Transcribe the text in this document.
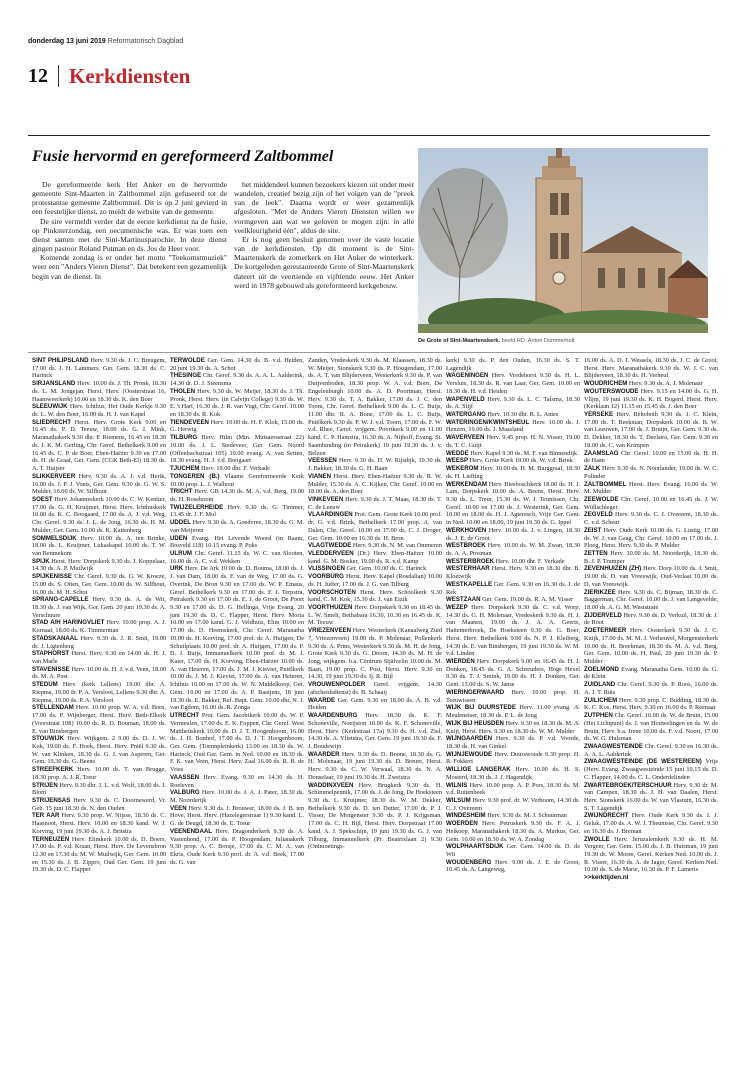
donderdag 13 juni 2019 Reformatorisch Dagblad
12	Kerkdiensten
Fusie hervormd en gereformeerd Zaltbommel

De gereformeerde kerk Het Anker en de hervormde gemeente Sint-Maarten in Zaltbommel zijn gefuseerd tot de protestantse gemeente Zaltbommel. Dit is op 2 juni gevierd in een feestelijke dienst, zo meldt de website van de gemeente.

De sire vermeldt verder dat de eerste kerkdienst na de fusie, op Pinksterzondag, een oecumenische was. Er was toen een dienst samen met de Sint-Martinusparochie. In deze dienst gingen pastoor Roland Putman en ds. Jos de Heer voor.

Komende zondag is er onder het motto "Toekomstmuziek" weer een "Anders Vieren Dienst". Dat betekent een gezamenlijk begin van de dienst. In

het middendeel kunnen bezoekers kiezen uit onder meer wandelen, creatief bezig zijn of het volgen van de "preek van de leek". Daarna wordt er weer gezamenlijk afgesloten. "Met de Anders Vieren Diensten willen we vormgeven aan wat we geloven te mogen zijn: in alle veelkleurigheid één", aldus de site.

Er is nog geen besluit genomen over de vaste locatie van de kerkdiensten. Op dit moment is de Sint-Maartenskerk de zomerkerk en Het Anker de winterkerk. De kortgeleden gerestaureerde Grote of Sint-Maartenskerk dateert uit de veertiende en vijftiende eeuw. Het Anker werd in 1978 gebouwd als gereformeerd kerkgebouw.

De Grote of Sint-Maartenskerk. beeld RD, Anton Dommerholt

SINT PHILIPSLAND Herv. 9.30 ds. J. C. Breugem, 17.00 ds. J. H. Lammers. Ger. Gem. 18.30 ds. C. Harinck

SIRJANSLAND Herv. 10.00 ds. J. Th. Pronk, 18.30 ds. L. M. Jongejan, Herst. Herv. (Oosterstraat 16, Haamweerkerk) 10.00 en 18.30 ds. K. den Boer

SLEEUWIJK Herv. Ichthus, Het Oude Kerkje 9.30 ds. L. W. den Boer, 16.00 ds. H. J. van Kapel

SLIEDRECHT Herst. Herv. Grote Kerk 9.00 en 16.45 ds. P. D. Teeuw, 18.00 ds. G. J. Mink, Maranathakerk 9.30 dhr. P. Riemens, 16.45 en 18.30 ds. J. K. M. Gerling, Chr. Geref. Bethelkerk 9.00 en 16.45 ds. C. P. de Boer, Eben-Haëzer 9.30 en 17.00 ds. H. de Graaf, Ger. Gem. (CGK Beth-El) 18.30 ds. A. T. Huijser

SLIKKERVEER Herv. 9.30 ds. A. J. v.d. Herik, 16.00 ds. J. P. J. Voets, Ger. Gem. 9.30 ds. G. W. S. Mulder, 16.00 ds. W. Silfhout

SOEST Herv. Johanneskerk 10.00 ds. C. W. Kentier, 17.00 ds. G. H. Kruijmer, Herst. Herv. Ichthuskerk 10.00 ds. K. C. Boogaard, 17.00 ds. A. J. v.d. Weg, Chr. Geref. 9.30 ds. J. L. de Jong, 16.30 ds. H. M. Mulder, Ger. Gem. 16.00 ds. K. Kattenberg

SOMMELSDIJK Herv. 10.00 ds. A. ten Brinke, 18.00 ds. L. Kruijmer, Lukaskapel 10.00 ds. T. W. van Benmekom

SPIJK Herst. Herv. Dorpskerk 9.30 ds. J. Koppelaar, 14.30 ds. A. P. Muilwijk

SPIJKENISSE Chr. Geref. 9.30 ds. G. W. Kroeze, 15.00 ds. S. Otten, Ger. Gem. 10.00 ds. W. Silfhout, 16.00 ds. M. H. Schot

SPRANG-CAPELLE Herv. 9.30 ds. A. de Wit, 18.30 ds. J. van Wijk, Ger. Gem. 20 juni 19.30 ds. A. Verschuure

STAD A/H HARINGVLIET Herv. 10.00 prop. A. J. Kornaat, 18.00 ds. K. Timmerman

STADSKANAAL Herv. 9.30 ds. J. R. Smit, 19.00 ds. J. Ligtenberg

STAPHORST Herst. Herv. 9.30 en 14.00 ds. H. J. van Marle

STAVENISSE Herv. 10.00 ds. H. J. v.d. Veen, 18.00 ds. M. A. Post

STEDUM Herv. (kerk Lellens) 19.00 dhr. A. Riepma, 19.00 dr. P. A. Versloot, Lellens 9.30 dhr. A. Riepma, 19.00 ds. P. A. Versloot

STELLENDAM Herv. 10.00 prop. W. A. v.d. Born, 17.00 ds. P. Wijnberger, Herst. Herv. Beth-Elkerk (Voorstraat 108) 10.00 ds. R. D. Bouman, 18.00 ds. E. van Binsbergen

STOUWIJK Herv. Wijkgem. 2 9.00 ds. D. J. W. Kok, 19.00 ds. F. Hoek, Herst. Herv. Pniël 9.30 ds. W. van Klinken, 18.30 ds. G. J. van Asperen, Ger. Gem. 19.30 ds. G. Beens

STREEFKERK Herv. 10.00 ds. T. van Brugge, 18.30 prop. A. J. R. Treur

STRIJEN Herv. 9.30 dhr. J. L. v.d. Wolf, 18.00 ds. J. Blom

STRIJENSAS Herv. 9.30 ds. C. Doornewerd, Vr. Geb. 15 juni 18.30 ds. N. den Ouden

TER AAR Herv. 9.30 prop. W. Nijsse, 18.30 ds. C. Haasnoot, Herst. Herv. 10.00 en 18.30 kand. W. J. Korving, 19 juni 19.30 ds. A. J. Britstra

TERNEUZEN Herv. Elimkerk 10.00 ds. D. Boers, 17.00 ds. P. v.d. Kraan, Herst. Herv. De Levensbron 12.30 en 17.30 ds. M. W. Muilwijk, Ger. Gem. 10.00 en 15.30 ds. J. B. Zippro, Oud Ger. Gem. 19 juni 19.30 ds. D. C. Flapper

TERWOLDE Ger. Gem. 14.30 ds. B. v.d. Heiden, 20 juni 19.30 ds. A. Schot

THESINGE Chr. Geref. 9.30 ds. A. A. L. Aalderink, 14.30 dr. D. J. Steensma

THOLEN Herv. 9.30 ds. W. Meijer, 18.30 ds. J. Th. Pronk, Herst. Herv. (in Calvijn College) 9.30 ds. W. E. 't Hart, 16.30 ds. J. R. van Vugt, Chr. Geref. 10.00 en 18.30 ds. R. Kok

TIENDEVEEN Herv. 10.00 ds. H. F. Klok, 15.00 ds. G. Herwig

TILBURG Herv. Hilm (Min. Mutsaersstraat 22) 10.00 ds. J. L. Stedeveer, Ger. Gem. Noord (Offenbachstraat 105) 10.00 evang. A. van Setten, 18.30 evang. H. J. v.d. Boogaart

TJUCHEM Herv. 19.00 dhr. F. Verkade

TONGEREN (B.) Vlaams Gereformeerde Kerk 10.00 prop. L. J. Walhout

TRICHT Herv. GB 14.30 ds. M. A. v.d. Berg, 19.00 ds. H. Roseboom

TWIJZELERHEIDE Herv. 9.30 ds. G. Timmer, 13.45 dr. J. F. Mol

UDDEL Herv. 9.30 ds. A. Goedvree, 18.30 ds. G. M. van Meijeren

UDEN Evang. Het Levende Woord (in Raam, Bosveld 118) 10.15 evang. P. Poks

ULRUM Chr. Geref. 11.15 ds. W. C. van Slooten, 16.00 ds. A. C. v.d. Wekken

URK Herv. De Ark 10.00 ds. D. Bouma, 18.00 ds. J. J. van Dam, 18.00 ds. F. van de Weg, 17.00 ds. G. Overink, De Bron 9.30 en 17.00 ds. W. P. Emaus, Geref. Bethelkerk 9.30 en 17.00 ds. F. J. Terpstra, Petrakerk 9.30 en 17.00 ds. E. J. de Groot, De Poort 9.30 en 17.00 ds. D. G. Hellinga, Vrije Evang. 20 juni 19.30 ds. D. C. Flapper, Herst. Herv. Moria 10.00 en 17.00 kand. G. J. Veldhuis, Elim 10.00 en 17.00 ds. D. Heemskerk, Chr. Geref. Maranatha 10.00 ds. H. Korving, 17.00 prof. dr. A. Huijgen, De Schuilplaats 10.00 prof. dr. A. Huijgen, 17.00 ds. P. D. J. Buijs, Immanuelkerk 10.00 prof. dr. M. J. Kater, 17.00 ds. H. Korving, Eben-Haëzer 10.00 ds. A. van Heteren, 17.00 ds. J. M. J. Kieviet, Pniëlkerk 10.00 ds. J. M. J. Kieviet, 17.00 ds. A. van Heteren, Ichthus 10.00 en 17.00 ds. W. N. Middelkoop, Ger. Gem. 10.00 en 17.00 ds. A. P. Baaijens, 18 juni 19.30 ds. E. Bakker, Ref. Bapt. Gem. 10.00 dhr. N. J. van Egdom, 16.00 ds. R. Zonga

UTRECHT Prot. Gem. Jacobikerk 10.00 ds. W. P. Vermeulen, 17.00 ds. E. K. Foppen, Chr. Geref. West Mattheüskerk 10.00 ds. D. J. T. Hoogenboom, 16.00 ds. J. H. Bonhof, 17.00 ds. D. J. T. Hoogenboom, Ger. Gem. (Toennpleinkerk) 13.00 en 18.30 ds. W. Harinck, Oud Ger. Gem. in Ned. 10.00 en 18.30 ds. F. K. van Veen, Herst. Herv. Zaal 16.00 ds. R. B. de Vries

VAASSEN Herv. Evang. 9.30 en 14.30 ds. H. Roeleven

VALBURG Herv. 10.00 ds. J. A. J. Pater, 18.30 ds. M. Noorderijk

VEEN Herv. 9.30 ds. J. Brouwer, 18.00 ds. J. B. ten Hove, Herst. Herv. (Hazelegerstraat 1) 9.30 kand. L. G. de Deugd, 18.30 ds. E. Treur

VEENENDAAL Herv. Dragonderkerk 9.30 ds. A. Vastenhond, 17.00 ds. P. Hoogendam, Julianakerk 9.30 prop. A. C. Borsje, 17.00 ds. C. M. A. van Ekris, Oude Kerk 9.30 prof. dr. A. v.d. Beek, 17.00 ds. G. van

Zanden, Vredeskerk 9.30 ds. M. Klaassen, 18.30 ds. W. Meijer, Sionskerk 9.30 ds. P. Hoogendam, 17.00 ds. A. T. van Blijderveen, Westerkerk 9.30 ds. P. van Duijvenboden, 18.30 prop. W. A. v.d. Born, De Engelenburgh 10.00 ds. A. D. Poortman, Herst. Herv. 9.30 ds. T. A. Bakker, 17.00 ds. J. C. den Toom, Chr. Geref. Bethelkerk 9.00 ds. L. C. Buijs, 11.00 dhr. R. A. Bone, 17.00 ds. L. C. Buijs, Pniëlkerk 9.30 ds. P. W. J. v.d. Toorn, 17.00 ds. F. W. v.d. Rhee, Geref. vrijgem. Poortkerk 9.00 en 11.00 kand. C. P. Hamstra, 16.30 ds. A. Nijhoff, Evang. St. Saambinding (in Petrakerk) 19 juni 19.30 ds. J. v. Belzen

VEESSEN Herv. 9.30 ds. H. W. Rijsdijk, 19.30 ds. J. Bakker, 18.30 ds. G. H. Baan

VIANEN Herst. Herv. Eben-Haëzer 9.30 ds. R. W. Mulder, 15.30 ds. A. C. Kijken, Chr. Geref. 10.00 en 18.00 ds. A. den Boer

VINKEVEEN Herv. 9.30 ds. J. T. Maas, 18.30 ds. T. C. de Leeuw

VLAARDINGEN Prot. Gem. Grote Kerk 10.00 prof. dr. G. v.d. Brink, Bethelkerk 17.00 prop. A. van Dalen, Chr. Geref. 10.00 en 17.00 ds. C. J. Droger, Ger. Gem. 10.00 en 16.30 ds. H. Bron

VLAGTWEDDE Herv. 9.30 ds. N. M. van Ommeren

VLEDDERVEEN (Dr.) Herv. Eben-Haëzer 10.00 kand. G. M. Bosker, 19.00 ds. R. v.d. Kamp

VLISSINGEN Ger. Gem. 10.00 ds. C. Harinck

VOORBURG Herst. Herv. Kapel (Rosdalian) 10.00 ds. H. Juffer, 17.00 ds. J. G. van Tilburg

VOORSCHOTEN Herst. Herv. Schoolkerk 9.30 kand. C. M. Kok, 15.30 ds. J. van Eizik

VOORTHUIZEN Herv. Dorpskerk 9.30 en 18.45 ds. L. W. Smelt, Bethabara 16.30, 10.30 en 16.45 ds. K. M. Teeuw

VRIEZENVEEN Herv. Westerkerk (Kanaalweg Zuid 7, Vriezenveen) 19.00 ds. P. Molenaar, Pollenkerk 9.30 ds. A. Prins, Westerkerk 9.30 ds. M. H. de Jong, Grote Kerk 9.30 ds. G. Doorn, 14.30 ds. M. H. de Jong, wijkgem. b.a. Centrum Stjälvelin 10.00 ds. M. Baan, 19.00 prop. C. Post, Herst. Herv. 9.30 en 14.30, 19 juni 19.30 ds. Ij. R. Bijl

VROUWENPOLDER Geref. vrijgem. 14.30 (afscheidsdienst) ds. B. Schaaij

WAARDE Ger. Gem. 9.30 en 18.00 ds. A. B. v.d. Heiden

WAARDENBURG Herv. 18.30 ds. K. F. Schoneville, Noeijston 10.00 ds. K. F. Schoneville, Herst. Herv. (Kerkstraat 17a) 9.30 ds. H. v.d. Ziel, 14.30 ds. A. Vlietstra, Ger. Gem. 19 juni 19.30 ds. F. J. Boudewijn

WAARDER Herv. 9.30 ds. D. Boone, 18.30 ds. G. H. Molenaar, 19 juni 19.30 ds. D. Breure, Herst. Herv. 9.30 ds. C. W. Verwaal, 18.30 ds. N. A. Donselaar, 19 juni 19.30 ds. H. Zweistra

WADDINXVEEN Herv. Brugkerk 9.30 ds. H. Schimmelpennik, 17.00 ds. J. de Jong, De Hoeksteen 9.30 ds. L. Kruijmer, 18.30 ds. W. M. Dekker, Bethelkerk 9.30 ds. D. ten Dutter, 17.00 dr. P. J. Visser, De Morgenster 9.30 ds. P. J. Krijgsman, 17.00 ds. C. H. Bijl, Herst. Herv. Dorpstraat 17.00 kand. A. J. Spekschijn, 19 juni 19.30 ds. G. J. van Tilburg, Immanuelkerk (Pr. Beatrixlaan 2) 9.30 (Ontmoetings-

kerk) 9.30 ds. P. den Ouden, 16.30 ds. S. T. Lagendijk

WAGENINGEN Herv. Vredehorst 9.30 ds. H. L. Versluis, 18.30 ds. R. van Laar, Ger. Gem. 10.00 en 18.30 ds. H. v.d. Heiden

WAPENVELD Herv. 9.30 ds. L. C. Talsma, 18.30 ds. A. Stijf

WATERGANG Herv. 10.30 dhr. R. L. Antes

WATERINGEN/KWINTSHEUL Herv. 10.00 ds. J. Henzen, 19.00 ds. J. Maasland

WAVERVEEN Herv. 9.45 prop. H. N. Visser, 19.00 ds. T. C. Guijt

WEDDE Herv. Kapel 9.30 ds. M. F. van Binnendijk

WEESP Herv. Grote Kerk 19.00 ds. W. v.d. Brink

WEKEROM Herv. 10.00 ds. H. M. Burggraaf, 18.30 ds. H. Liefting

WERKENDAM Herv. Biesboschkerk 18.00 ds. H. J. Lam, Dorpskerk 10.00 ds. A. Beens, Herst. Herv. 9.30 ds. L. Treur, 15.30 ds. W. J. Teunissen, Chr. Geref. 10.00 en 17.00 ds. J. Westerink, Ger. Gem. 10.00 en 18.00 ds. H. J. Agteresch, Vrije Ger. Gem. in Ned. 10.00 en 18.00, 19 juni 19.30 ds. G. Ippel

WERKHOVEN Herv. 10.00 ds. J. v. Lingen, 18.30 ds. J. E. de Groot

WESTBROEK Herv. 10.00 ds. W. M. Zwan, 18.30 ds. A. A. Prosman

WESTERBROEK Herv. 10.00 dhr. F. Verkade

WESTERHAAR Herst. Herv. 9.30 en 18.30 dhr. B. Kloetwijk

WESTKAPELLE Ger. Gem. 9.30 en 16.30 ds. J. de Rek

WESTZAAN Ger. Gem. 19.00 ds. R. A. M. Visser

WEZEP Herv. Dorpskerk 9.30 ds. C. v.d. Worp, 14.30 ds. G. H. Molenaar, Vredeskerk 9.30 ds. H. J. van Maanen, 19.00 ds. J. A. A. Geerts, Hattemerbroek, De Hoeksteen 9.30 ds. G. Boer, Herst. Herv. Bethelkerk 9.00 ds. N. P. J. Kleiberg, 14.30 ds. E. van Binsbergen, 19 juni 19.30 ds. W. M. v.d. Linden

WIERDEN Herv. Dorpskerk 9.00 en 16.45 ds. H. J. Donken, 18.45 ds. G. A. Schreuders, Hoge Hexel 9.30 ds. T. J. Smink, 19.00 ds. H. J. Donken, Ger. Gem. 15.00 ds. S. W. Janse

WIERINGERWAARD Herv. 10.00 prop. H. Teeuwissen

WIJK BIJ DUURSTEDE Herv. 11.00 evang. A. Meuleneiser, 18.30 ds. P. L. de Jong

WIJK BIJ HEUSDEN Herv. 9.30 en 18.30 ds. M. A. Kuijt, Herst. Herv. 9.30 en 18.30 ds. W. M. Mulder

WIJNGAARDEN Herv. 9.30 ds. P. v.d. Voorde, 18.30 ds. H. van Ginkel

WIJNJEWOUDE Herv. Duurswoude 9.30 prop. H. R. Fokkert

WILLIGE LANGERAK Herv. 10.00 ds. H. S. Mosterd, 18.30 ds. J. J. Hagendijk

WILNIS Herv. 10.00 prop. A. P. Pors, 18.30 ds. M. v.d. Ruitenbeek

WILSUM Herv. 9.30 prof. dr. W. Verboom, 14.30 ds. C. J. Overeem

WINDESHEIM Herv. 9.30 ds. M. J. Schuurman

WOERDEN Herv. Petruskerk 9.30 ds. F. A. J. Heikoop, Maranathakerk 18.30 ds. A. Markus, Ger. Gem. 10.00 en 18.30 ds. W. A. Zondag

WOLPHAARTSDIJK Ger. Gem. 14.00 ds. D. de Wit

WOUDENBERG Herv. 9.00 ds. J. E. de Groot, 10.45 ds. A. Langeweg,

16.00 ds. A. D. J. Wessels, 18.30 ds. J. C. de Groot, Herst. Herv. Maranathakerk 9.30 ds. W. J. C. van Blijderveen, 18.30 ds. H. Verheul

WOUDRICHEM Herv. 9.30 ds. A. J. Molenaar

WOUTERSWOUDE Herv. 9.15 en 14.00 ds. G. H. Vlijm, 19 juni 19.30 ds. K. H. Bogerd, Herst. Herv. (Kerklaan 12) 11.15 en 15.45 ds. J. den Boer

YERSEKE Herv. Rehoboth 9.30 ds. J. C. Klein, 17.00 ds. T. Beekman, Dorpskerk 10.00 ds. B. W. van Leeuwen, 17.00 ds. J. Bruijn, Ger. Gem. 9.30 ds. D. Dekker, 18.30 ds. T. Deelstra, Ger. Gem. 9.30 en 18.00 ds. C. van Krimpen

ZAAMSLAG Chr. Geref. 10.00 en 15.00 ds. H. H. de Haan

ZALK Herv. 9.30 ds. N. Noorlander, 19.00 ds. W. C. Polinder

ZALTBOMMEL Herst. Herv. Evang. 16.00 ds. W. M. Mulder

ZEEWOLDE Chr. Geref. 10.00 en 16.45 ds. J. W. Wüllschleger

ZEGVELD Herv. 9.30 ds. C. J. Overeem, 18.30 ds. C. v.d. Scheur

ZEIST Herv. Oude Kerk 10.00 ds. G. Lustig, 17.00 ds. W. J. van Gaag, Chr. Geref. 10.00 en 17.00 ds. J. Ploeg, Herst. Herv. 9.30 ds. P. Mulder

ZETTEN Herv. 10.00 ds. M. Noorderijk, 18.30 ds. B. J. P. Trumper

ZEVENHUIZEN (ZH) Herv. Dorp 10.00 ds. J. Smit, 19.00 ds. D. van Vreeswijk, Oud-Verlaat 10.00 ds. D. van Vreeswijk

ZIERIKZEE Herv. 9.30 ds. C. Bijman, 18.30 ds. C. Baggerman, Chr. Geref. 10.00 ds. J. van Langevelde, 18.00 ds. A. G. M. Weststrate

ZIJDERVELD Herv. 9.30 ds. D. Verkuil, 18.30 dr. J. de Root

ZOETERMEER Herv. Oosterkerk 9.30 ds. J. C. Kuijk, 17.00 ds. M. M. J. Verheuvel, Morgensterkerk 10.00 ds. H. Breekman, 18.30 ds. M. A. v.d. Berg, Ger. Gem. 10.00 ds. H. Paul, 20 juni 19.30 ds. P. Mulder

ZOELMOND Evang. Maranatha Gem. 10.00 ds. G. de Klein

ZUIDLAND Chr. Geref. 9.30 ds. P. Roos, 16.00 ds. A. J. T. Ruis

ZUILICHEM Herv. 9.30 prop. C. Budding, 18.30 ds. K. C. Kos, Herst. Herv. 9.30 en 16.00 ds. P. Reenaar

ZUTPHEN Chr. Geref. 10.00 ds. W. de Bruin, 15.00 (Het Lichtpunt) ds. J. van Houwelingen en ds. W. de Bruin, Herv. b.a. Irene 10.00 ds. F. v.d. Noort, 17.00 ds. W. G. Hulsman

ZWAAGWESTEINDE Chr. Geref. 9.30 en 16.30 ds. A. A. L. Aalderink

ZWAAGWESTEINDE (DE WESTEREEN) Vrije (Herv. Evang. Zwaagwesteinde 15 juni 10.15 ds. D. C. Flapper, 14.00 ds. C. L. Onderdelinden

ZWARTEBROEK/TERSCHUUR Herv. 9.30 dr. M. van Campen, 18.30 ds. J. H. van Daalen, Herst. Herv. Sionskerk 16.00 ds. W. van Vlastuin, 16.30 ds. S. T. Lagendijk

ZWIJNDRECHT Herv. Oude Kerk 9.30 ds. I. J. Geluk, 17.00 ds. A. W. J. Theunisse, Chr. Geref. 9.30 en 16.30 ds. J. Breman

ZWOLLE Herv. Jeruzalemkerk 9.30 ds. H. M. Vergeer, Ger. Gem. 15.00 ds. J. B. Huisman, 19 juni 19.30 ds. W. Moree, Geref. Kerken Ned. 10.00 ds. J. R. Visser, 16.30 ds. A. de Jager, Geref. Kerken Ned. 10.00 ds. S. de Marie, 16.30 ds. P. F. Lameris

>>kerktijden.nl
